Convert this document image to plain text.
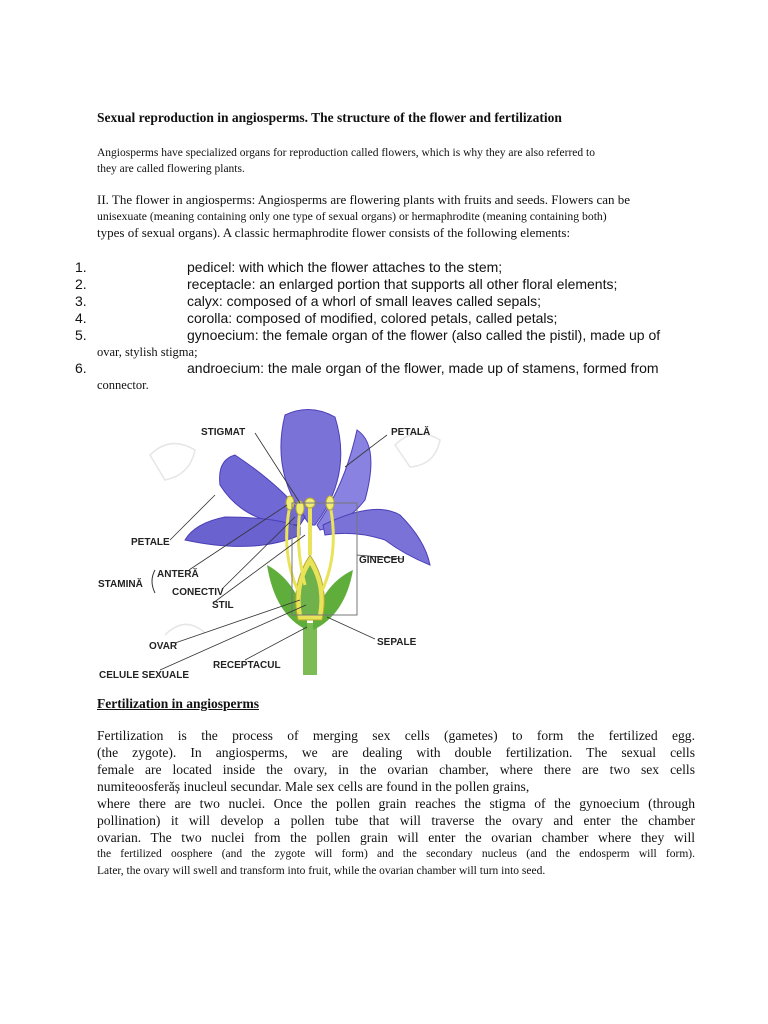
Sexual reproduction in angiosperms. The structure of the flower and fertilization
Angiosperms have specialized organs for reproduction called flowers, which is why they are also referred to
they are called flowering plants.
II. The flower in angiosperms: Angiosperms are flowering plants with fruits and seeds. Flowers can be
unisexuate (meaning containing only one type of sexual organs) or hermaphrodite (meaning containing both)
types of sexual organs). A classic hermaphrodite flower consists of the following elements:
1.	pedicel: with which the flower attaches to the stem;
2.	receptacle: an enlarged portion that supports all other floral elements;
3.	calyx: composed of a whorl of small leaves called sepals;
4.	corolla: composed of modified, colored petals, called petals;
5.	gynoecium: the female organ of the flower (also called the pistil), made up of
ovar, stylish stigma;
6.	androecium: the male organ of the flower, made up of stamens, formed from
connector.
STIGMAT	PETALĂ
PETALE
GINECEU
ANTERĂ
STAMINĂ
CONECTIV
STIL
OVAR	SEPALE
RECEPTACUL
CELULE SEXUALE
Fertilization in angiosperms
Fertilization is the process of merging sex cells (gametes) to form the fertilized egg.
(the zygote). In angiosperms, we are dealing with double fertilization. The sexual cells
female are located inside the ovary, in the ovarian chamber, where there are two sex cells
numiteoosferăș inucleul secundar. Male sex cells are found in the pollen grains,
where there are two nuclei. Once the pollen grain reaches the stigma of the gynoecium (through
pollination) it will develop a pollen tube that will traverse the ovary and enter the chamber
ovarian. The two nuclei from the pollen grain will enter the ovarian chamber where they will
the fertilized oosphere (and the zygote will form) and the secondary nucleus (and the endosperm will form).
Later, the ovary will swell and transform into fruit, while the ovarian chamber will turn into seed.
